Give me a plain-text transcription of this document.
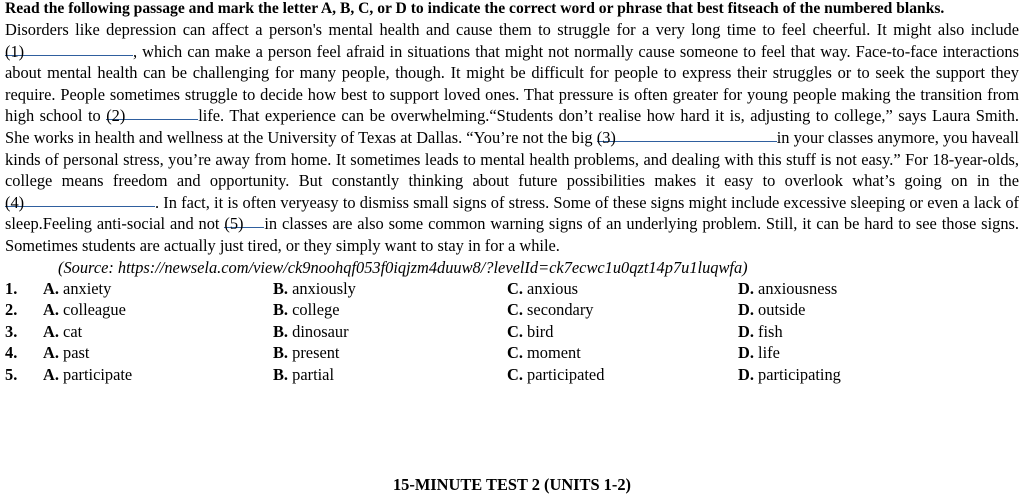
Read the following passage and mark the letter A, B, C, or D to indicate the correct word or phrase that best fitseach of the numbered blanks.

Disorders like depression can affect a person's mental health and cause them to struggle for a very long time to feel cheerful. It might also include (1)	, which can make a person feel afraid in situations that might not normally cause someone to feel that way. Face-to-face interactions about mental health can be challenging for many people, though. It might be difficult for people to express their struggles or to seek the support they require. People sometimes struggle to decide how best to support loved ones. That pressure is often greater for young people making the transition from high school to (2)	life. That experience can be overwhelming.“Students don’t realise how hard it is, adjusting to college,” says Laura Smith. She works in health and wellness at the University of Texas at Dallas. “You’re not the big (3)	in your classes anymore, you haveall kinds of personal stress, you’re away from home. It sometimes leads to mental health problems, and dealing with this stuff is not easy.” For 18-year-olds, college means freedom and opportunity. But constantly thinking about future possibilities makes it easy to overlook what’s going on in the (4)	. In fact, it is often veryeasy to dismiss small signs of stress. Some of these signs might include excessive sleeping or even a lack of sleep.Feeling anti-social and not (5) in classes are also some common warning signs of an underlying problem. Still, it can be hard to see those signs. Sometimes students are actually just tired, or they simply want to stay in for a while.

(Source: https://newsela.com/view/ck9noohqf053f0iqjzm4duuw8/?levelId=ck7ecwc1u0qzt14p7u1luqwfa)

1. A. anxiety	B. anxiously	C. anxious	D. anxiousness
2. A. colleague	B. college	C. secondary	D. outside
3. A. cat	B. dinosaur	C. bird	D. fish
4. A. past	B. present	C. moment	D. life
5. A. participate	B. partial	C. participated	D. participating
15-MINUTE TEST 2 (UNITS 1-2)
